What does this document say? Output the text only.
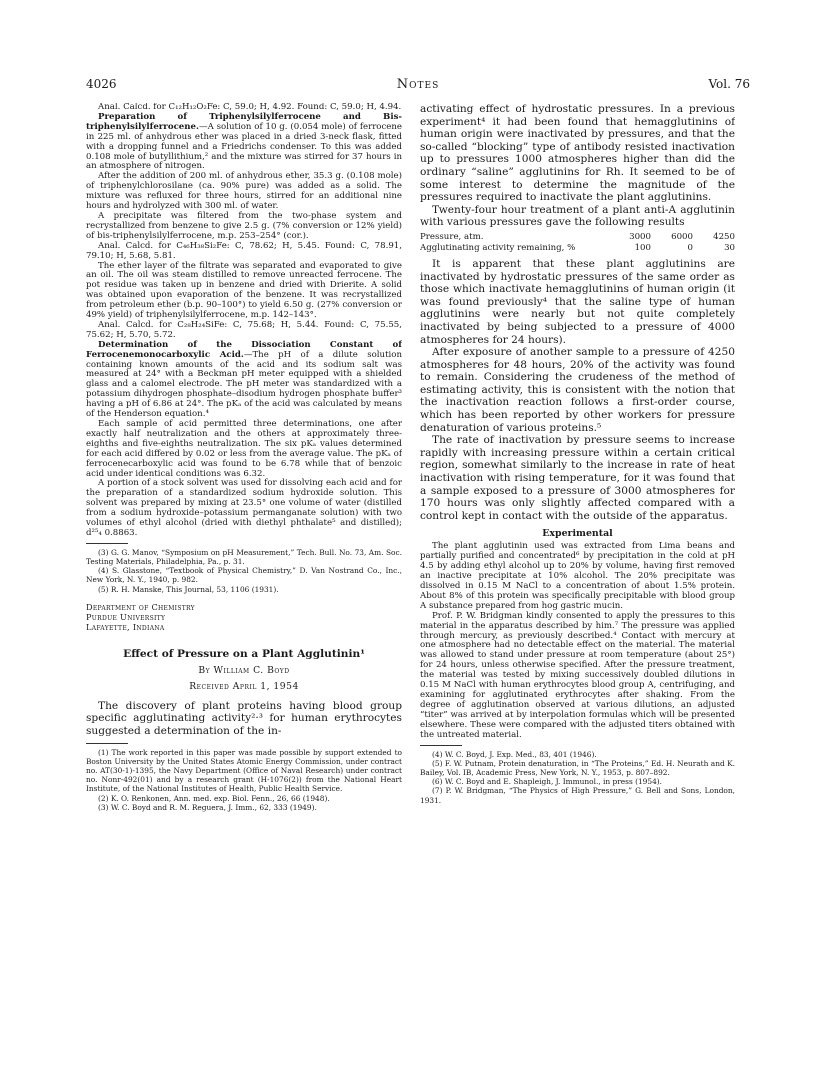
4026	Notes	Vol. 76

Anal. Calcd. for C₁₂H₁₂O₂Fe: C, 59.0; H, 4.92. Found: C, 59.0; H, 4.94.

Preparation of Triphenylsilylferrocene and Bis-triphenylsilylferrocene.—A solution of 10 g. (0.054 mole) of ferrocene in 225 ml. of anhydrous ether was placed in a dried 3-neck flask, fitted with a dropping funnel and a Friedrichs condenser. To this was added 0.108 mole of butyllithium,² and the mixture was stirred for 37 hours in an atmosphere of nitrogen.

After the addition of 200 ml. of anhydrous ether, 35.3 g. (0.108 mole) of triphenylchlorosilane (ca. 90% pure) was added as a solid. The mixture was refluxed for three hours, stirred for an additional nine hours and hydrolyzed with 300 ml. of water.

A precipitate was filtered from the two-phase system and recrystallized from benzene to give 2.5 g. (7% conversion or 12% yield) of bis-triphenylsilylferrocene, m.p. 253–254° (cor.).

Anal. Calcd. for C₄₆H₃₈Si₂Fe: C, 78.62; H, 5.45. Found: C, 78.91, 79.10; H, 5.68, 5.81.

The ether layer of the filtrate was separated and evaporated to give an oil. The oil was steam distilled to remove unreacted ferrocene. The pot residue was taken up in benzene and dried with Drierite. A solid was obtained upon evaporation of the benzene. It was recrystallized from petroleum ether (b.p. 90–100°) to yield 6.50 g. (27% conversion or 49% yield) of triphenylsilylferrocene, m.p. 142–143°.

Anal. Calcd. for C₂₈H₂₄SiFe: C, 75.68; H, 5.44. Found: C, 75.55, 75.62; H, 5.70, 5.72.

Determination of the Dissociation Constant of Ferrocenemonocarboxylic Acid.—The pH of a dilute solution containing known amounts of the acid and its sodium salt was measured at 24° with a Beckman pH meter equipped with a shielded glass and a calomel electrode. The pH meter was standardized with a potassium dihydrogen phosphate–disodium hydrogen phosphate buffer³ having a pH of 6.86 at 24°. The pKₐ of the acid was calculated by means of the Henderson equation.⁴

Each sample of acid permitted three determinations, one after exactly half neutralization and the others at approximately three-eighths and five-eighths neutralization. The six pKₐ values determined for each acid differed by 0.02 or less from the average value. The pKₐ of ferrocenecarboxylic acid was found to be 6.78 while that of benzoic acid under identical conditions was 6.32.

A portion of a stock solvent was used for dissolving each acid and for the preparation of a standardized sodium hydroxide solution. This solvent was prepared by mixing at 23.5° one volume of water (distilled from a sodium hydroxide–potassium permanganate solution) with two volumes of ethyl alcohol (dried with diethyl phthalate⁵ and distilled); d²⁵₄ 0.8863.

(3) G. G. Manov, “Symposium on pH Measurement,” Tech. Bull. No. 73, Am. Soc. Testing Materials, Philadelphia, Pa., p. 31.

(4) S. Glasstone, “Textbook of Physical Chemistry,” D. Van Nostrand Co., Inc., New York, N. Y., 1940, p. 982.

(5) R. H. Manske, This Journal, 53, 1106 (1931).

Department of Chemistry
Purdue University
Lafayette, Indiana
Effect of Pressure on a Plant Agglutinin¹
By William C. Boyd
Received April 1, 1954

The discovery of plant proteins having blood group specific agglutinating activity²·³ for human erythrocytes suggested a determination of the in-

(1) The work reported in this paper was made possible by support extended to Boston University by the United States Atomic Energy Commission, under contract no. AT(30-1)-1395, the Navy Department (Office of Naval Research) under contract no. Nonr-492(01) and by a research grant (H-1076(2)) from the National Heart Institute, of the National Institutes of Health, Public Health Service.

(2) K. O. Renkonen, Ann. med. exp. Biol. Fenn., 26, 66 (1948).

(3) W. C. Boyd and R. M. Reguera, J. Imm., 62, 333 (1949).

activating effect of hydrostatic pressures. In a previous experiment⁴ it had been found that hemagglutinins of human origin were inactivated by pressures, and that the so-called “blocking” type of antibody resisted inactivation up to pressures 1000 atmospheres higher than did the ordinary “saline” agglutinins for Rh. It seemed to be of some interest to determine the magnitude of the pressures required to inactivate the plant agglutinins.

Twenty-four hour treatment of a plant anti-A agglutinin with various pressures gave the following results

Pressure, atm.	3000	6000	4250
Agglutinating activity remaining, %	100	0	30

It is apparent that these plant agglutinins are inactivated by hydrostatic pressures of the same order as those which inactivate hemagglutinins of human origin (it was found previously⁴ that the saline type of human agglutinins were nearly but not quite completely inactivated by being subjected to a pressure of 4000 atmospheres for 24 hours).

After exposure of another sample to a pressure of 4250 atmospheres for 48 hours, 20% of the activity was found to remain. Considering the crudeness of the method of estimating activity, this is consistent with the notion that the inactivation reaction follows a first-order course, which has been reported by other workers for pressure denaturation of various proteins.⁵

The rate of inactivation by pressure seems to increase rapidly with increasing pressure within a certain critical region, somewhat similarly to the increase in rate of heat inactivation with rising temperature, for it was found that a sample exposed to a pressure of 3000 atmospheres for 170 hours was only slightly affected compared with a control kept in contact with the outside of the apparatus.

Experimental

The plant agglutinin used was extracted from Lima beans and partially purified and concentrated⁶ by precipitation in the cold at pH 4.5 by adding ethyl alcohol up to 20% by volume, having first removed an inactive precipitate at 10% alcohol. The 20% precipitate was dissolved in 0.15 M NaCl to a concentration of about 1.5% protein. About 8% of this protein was specifically precipitable with blood group A substance prepared from hog gastric mucin.

Prof. P. W. Bridgman kindly consented to apply the pressures to this material in the apparatus described by him.⁷ The pressure was applied through mercury, as previously described.⁴ Contact with mercury at one atmosphere had no detectable effect on the material. The material was allowed to stand under pressure at room temperature (about 25°) for 24 hours, unless otherwise specified. After the pressure treatment, the material was tested by mixing successively doubled dilutions in 0.15 M NaCl with human erythrocytes blood group A, centrifuging, and examining for agglutinated erythrocytes after shaking. From the degree of agglutination observed at various dilutions, an adjusted “titer” was arrived at by interpolation formulas which will be presented elsewhere. These were compared with the adjusted titers obtained with the untreated material.

(4) W. C. Boyd, J. Exp. Med., 83, 401 (1946).

(5) F. W. Putnam, Protein denaturation, in “The Proteins,” Ed. H. Neurath and K. Bailey, Vol. IB, Academic Press, New York, N. Y., 1953, p. 807–892.

(6) W. C. Boyd and E. Shapleigh, J. Immunol., in press (1954).

(7) P. W. Bridgman, “The Physics of High Pressure,” G. Bell and Sons, London, 1931.
